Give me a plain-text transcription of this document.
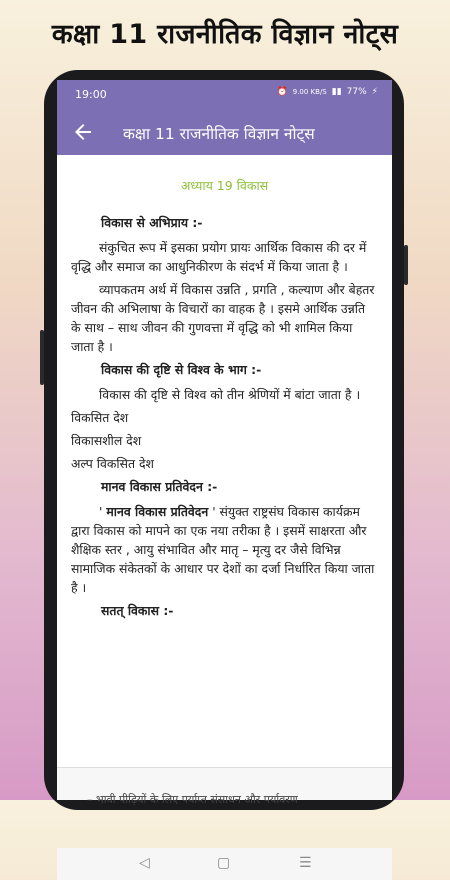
कक्षा 11 राजनीतिक विज्ञान नोट्स
19:00	⏰ 9.00 KB/S ▮▮ 77% ⚡
कक्षा 11 राजनीतिक विज्ञान नोट्स
अध्याय 19 विकास
विकास से अभिप्राय :-
संकुचित रूप में इसका प्रयोग प्रायः आर्थिक विकास की दर में वृद्धि और समाज का आधुनिकीरण के संदर्भ में किया जाता है ।
व्यापकतम अर्थ में विकास उन्नति , प्रगति , कल्याण और बेहतर जीवन की अभिलाषा के विचारों का वाहक है । इसमे आर्थिक उन्नति के साथ – साथ जीवन की गुणवत्ता में वृद्धि को भी शामिल किया जाता है ।
विकास की दृष्टि से विश्व के भाग :-
विकास की दृष्टि से विश्व को तीन श्रेणियों में बांटा जाता है ।
विकसित देश
विकासशील देश
अल्प विकसित देश
मानव विकास प्रतिवेदन :-
' मानव विकास प्रतिवेदन ' संयुक्त राष्ट्रसंघ विकास कार्यक्रम द्वारा विकास को मापने का एक नया तरीका है । इसमें साक्षरता और शैक्षिक स्तर , आयु संभावित और मातृ – मृत्यु दर जैसे विभिन्न सामाजिक संकेतकों के आधार पर देशों का दर्जा निर्धारित किया जाता है ।
सतत् विकास :-
– भावी पीढ़ियों के लिए पर्याप्त संसाधन और पर्यावरण
◁	▢	☰
